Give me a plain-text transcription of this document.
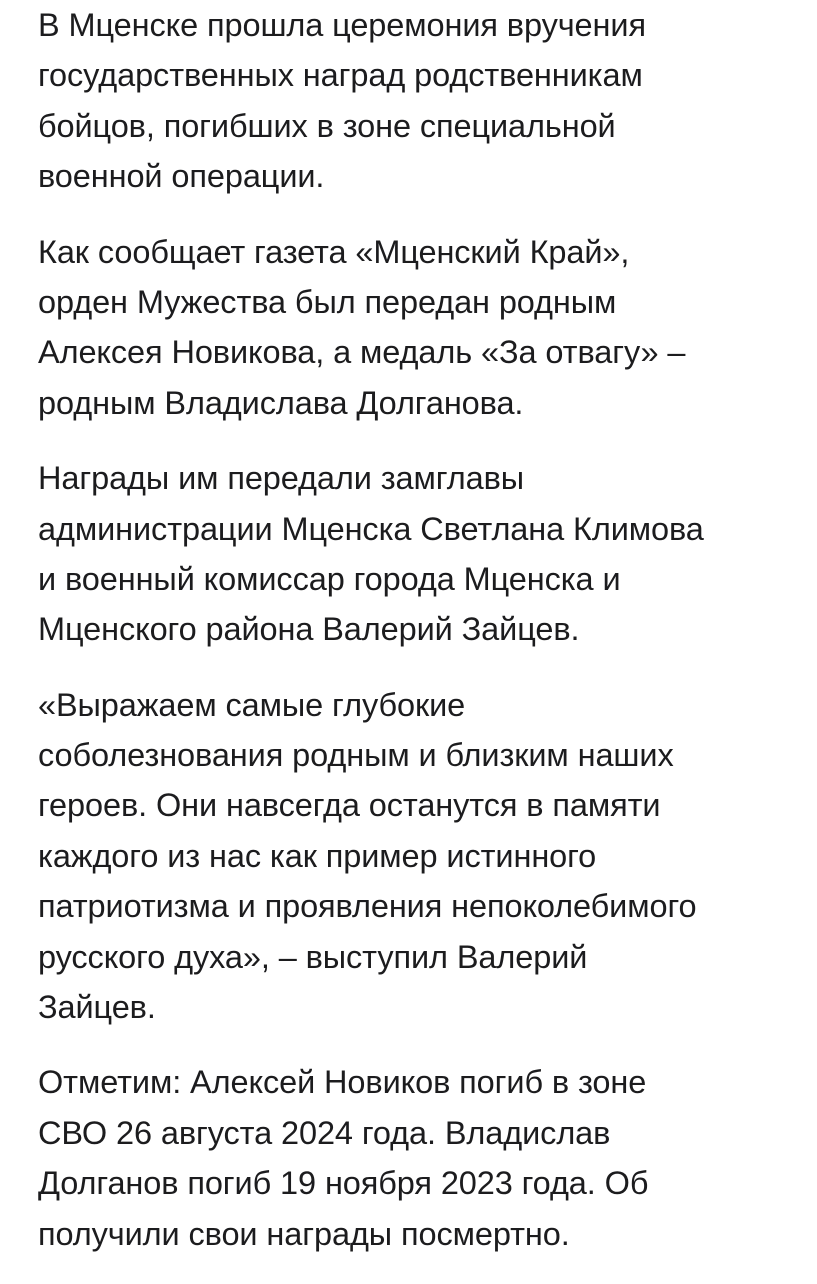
В Мценске прошла церемония вручения
государственных наград родственникам
бойцов, погибших в зоне специальной
военной операции.

Как сообщает газета «Мценский Край»,
орден Мужества был передан родным
Алексея Новикова, а медаль «За отвагу» –
родным Владислава Долганова.

Награды им передали замглавы
администрации Мценска Светлана Климова
и военный комиссар города Мценска и
Мценского района Валерий Зайцев.

«Выражаем самые глубокие
соболезнования родным и близким наших
героев. Они навсегда останутся в памяти
каждого из нас как пример истинного
патриотизма и проявления непоколебимого
русского духа», – выступил Валерий
Зайцев.

Отметим: Алексей Новиков погиб в зоне
СВО 26 августа 2024 года. Владислав
Долганов погиб 19 ноября 2023 года. Об
получили свои награды посмертно.
